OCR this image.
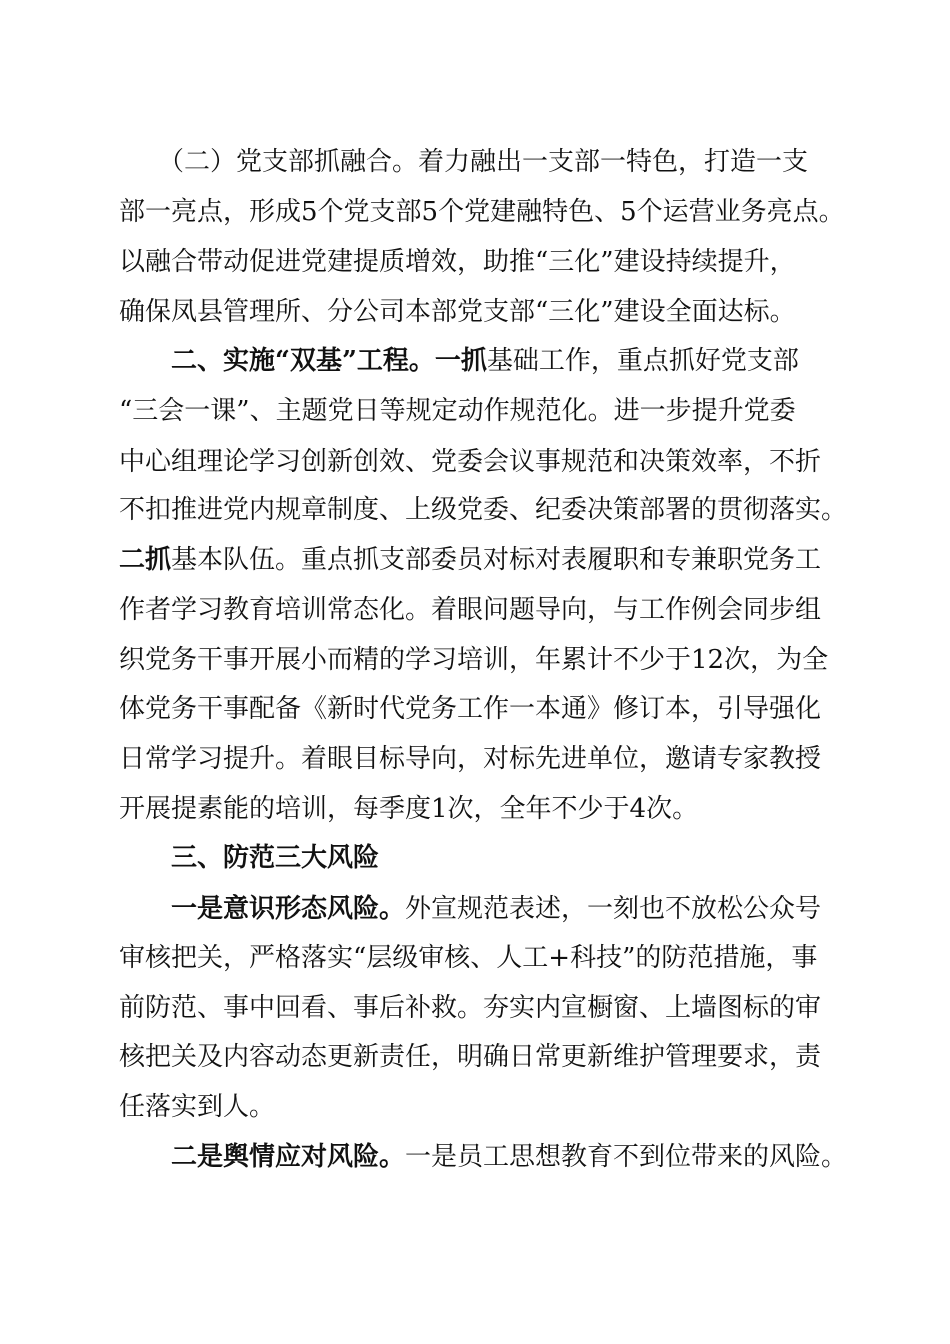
　　（二）党支部抓融合。着力融出一支部一特色，打造一支
部一亮点，形成5个党支部5个党建融特色、5个运营业务亮点。
以融合带动促进党建提质增效，助推“三化”建设持续提升，
确保凤县管理所、分公司本部党支部“三化”建设全面达标。
　　二、实施“双基”工程。一抓基础工作，重点抓好党支部
“三会一课”、主题党日等规定动作规范化。进一步提升党委
中心组理论学习创新创效、党委会议事规范和决策效率，不折
不扣推进党内规章制度、上级党委、纪委决策部署的贯彻落实。
二抓基本队伍。重点抓支部委员对标对表履职和专兼职党务工
作者学习教育培训常态化。着眼问题导向，与工作例会同步组
织党务干事开展小而精的学习培训，年累计不少于12次，为全
体党务干事配备《新时代党务工作一本通》修订本，引导强化
日常学习提升。着眼目标导向，对标先进单位，邀请专家教授
开展提素能的培训，每季度1次，全年不少于4次。
　　三、防范三大风险
　　一是意识形态风险。外宣规范表述，一刻也不放松公众号
审核把关，严格落实“层级审核、人工+科技”的防范措施，事
前防范、事中回看、事后补救。夯实内宣橱窗、上墙图标的审
核把关及内容动态更新责任，明确日常更新维护管理要求，责
任落实到人。
　　二是舆情应对风险。一是员工思想教育不到位带来的风险。
